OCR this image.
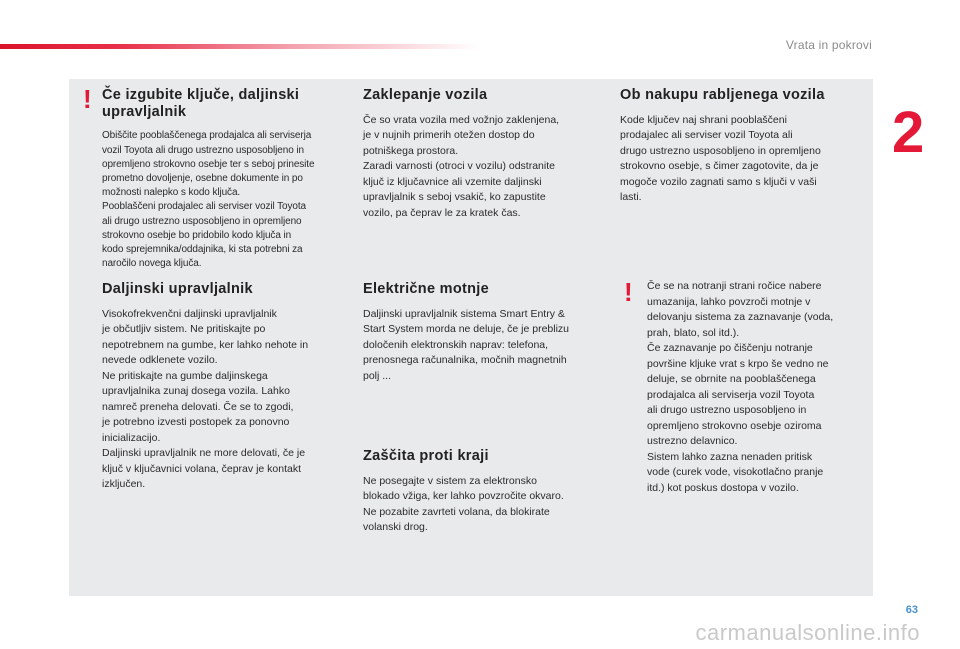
Vrata in pokrovi
2
! Če izgubite ključe, daljinski upravljalnik

Obiščite pooblaščenega prodajalca ali serviserja
vozil Toyota ali drugo ustrezno usposobljeno in
opremljeno strokovno osebje ter s seboj prinesite
prometno dovoljenje, osebne dokumente in po
možnosti nalepko s kodo ključa.
Pooblaščeni prodajalec ali serviser vozil Toyota
ali drugo ustrezno usposobljeno in opremljeno
strokovno osebje bo pridobilo kodo ključa in
kodo sprejemnika/oddajnika, ki sta potrebni za
naročilo novega ključa.

Daljinski upravljalnik

Visokofrekvenčni daljinski upravljalnik
je občutljiv sistem. Ne pritiskajte po
nepotrebnem na gumbe, ker lahko nehote in
nevede odklenete vozilo.
Ne pritiskajte na gumbe daljinskega
upravljalnika zunaj dosega vozila. Lahko
namreč preneha delovati. Če se to zgodi,
je potrebno izvesti postopek za ponovno
inicializacijo.
Daljinski upravljalnik ne more delovati, če je
ključ v ključavnici volana, čeprav je kontakt
izključen.

Zaklepanje vozila

Če so vrata vozila med vožnjo zaklenjena,
je v nujnih primerih otežen dostop do
potniškega prostora.
Zaradi varnosti (otroci v vozilu) odstranite
ključ iz ključavnice ali vzemite daljinski
upravljalnik s seboj vsakič, ko zapustite
vozilo, pa čeprav le za kratek čas.

Električne motnje

Daljinski upravljalnik sistema Smart Entry &
Start System morda ne deluje, če je preblizu
določenih elektronskih naprav: telefona,
prenosnega računalnika, močnih magnetnih
polj ...

Zaščita proti kraji

Ne posegajte v sistem za elektronsko
blokado vžiga, ker lahko povzročite okvaro.
Ne pozabite zavrteti volana, da blokirate
volanski drog.

Ob nakupu rabljenega vozila

Kode ključev naj shrani pooblaščeni
prodajalec ali serviser vozil Toyota ali
drugo ustrezno usposobljeno in opremljeno
strokovno osebje, s čimer zagotovite, da je
mogoče vozilo zagnati samo s ključi v vaši
lasti.

! Če se na notranji strani ročice nabere
umazanija, lahko povzroči motnje v
delovanju sistema za zaznavanje (voda,
prah, blato, sol itd.).
Če zaznavanje po čiščenju notranje
površine kljuke vrat s krpo še vedno ne
deluje, se obrnite na pooblaščenega
prodajalca ali serviserja vozil Toyota
ali drugo ustrezno usposobljeno in
opremljeno strokovno osebje oziroma
ustrezno delavnico.
Sistem lahko zazna nenaden pritisk
vode (curek vode, visokotlačno pranje
itd.) kot poskus dostopa v vozilo.

63
carmanualsonline.info
